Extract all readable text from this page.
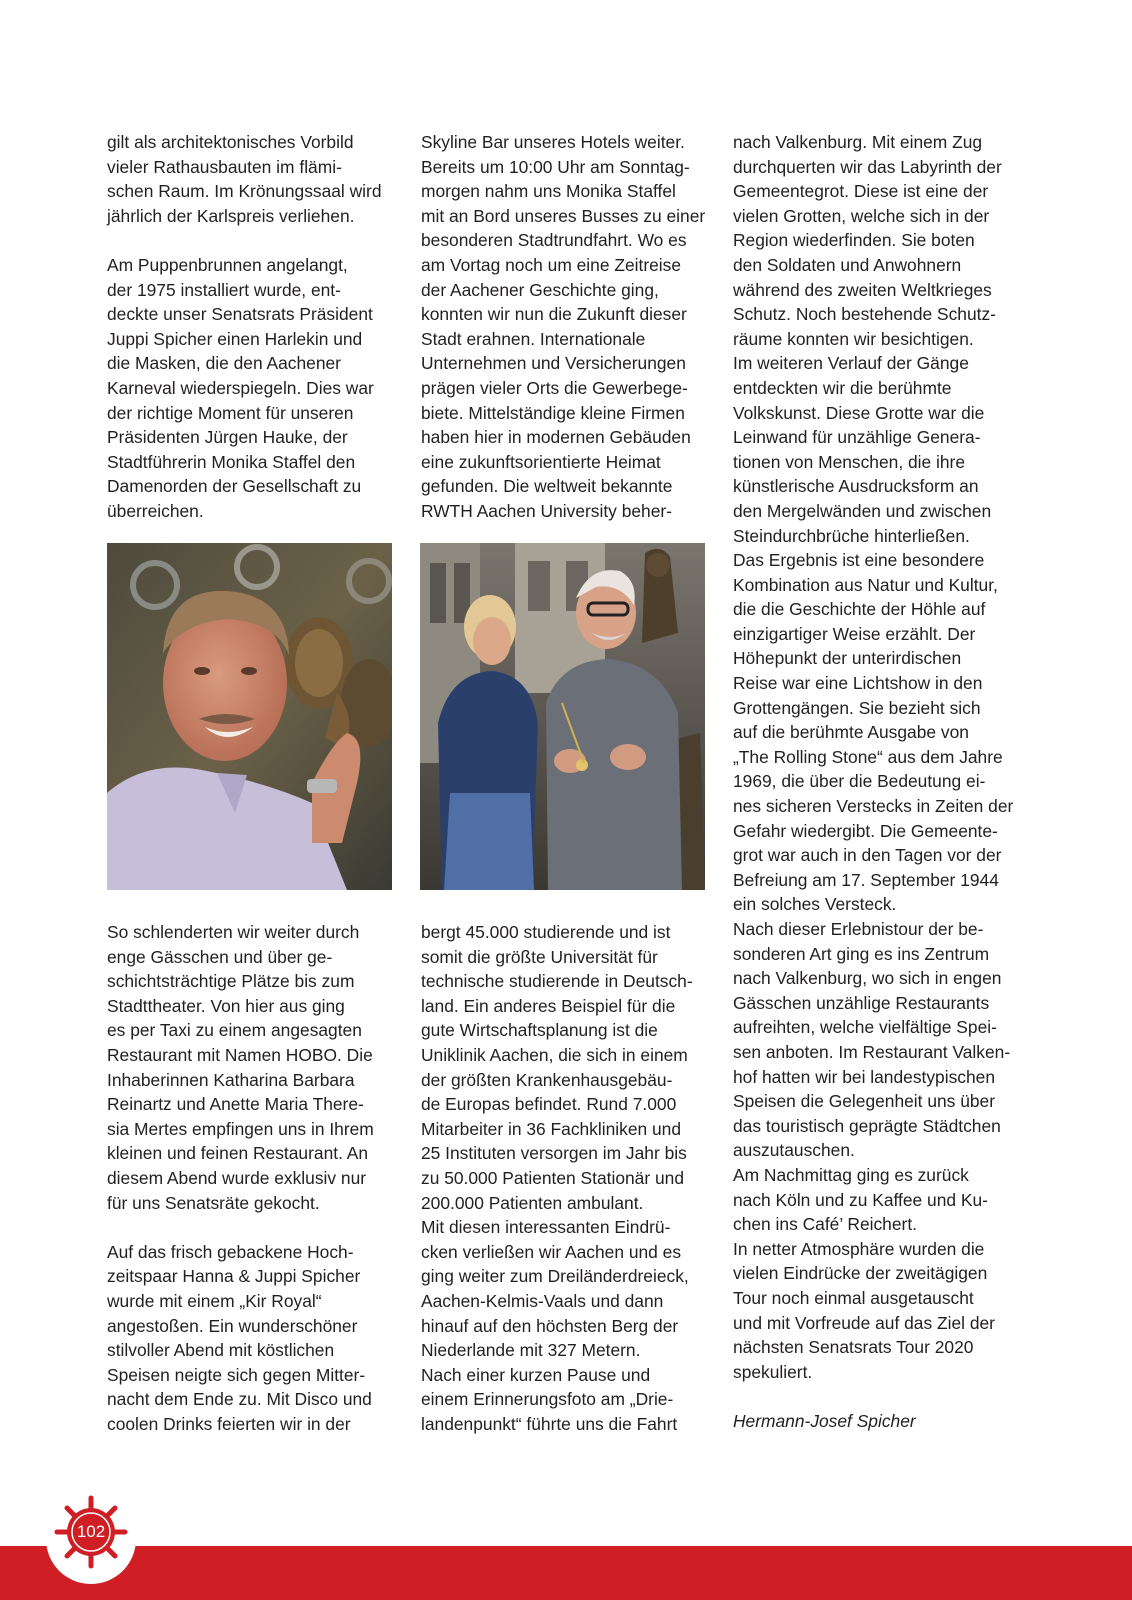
gilt als architektonisches Vorbild
vieler Rathausbauten im flämi-
schen Raum. Im Krönungssaal wird
jährlich der Karlspreis verliehen.

Am Puppenbrunnen angelangt,
der 1975 installiert wurde, ent-
deckte unser Senatsrats Präsident
Juppi Spicher einen Harlekin und
die Masken, die den Aachener
Karneval wiederspiegeln. Dies war
der richtige Moment für unseren
Präsidenten Jürgen Hauke, der
Stadtführerin Monika Staffel den
Damenorden der Gesellschaft zu
überreichen.

Skyline Bar unseres Hotels weiter.
Bereits um 10:00 Uhr am Sonntag-
morgen nahm uns Monika Staffel
mit an Bord unseres Busses zu einer
besonderen Stadtrundfahrt. Wo es
am Vortag noch um eine Zeitreise
der Aachener Geschichte ging,
konnten wir nun die Zukunft dieser
Stadt erahnen. Internationale
Unternehmen und Versicherungen
prägen vieler Orts die Gewerbege-
biete. Mittelständige kleine Firmen
haben hier in modernen Gebäuden
eine zukunftsorientierte Heimat
gefunden. Die weltweit bekannte
RWTH Aachen University beher-

nach Valkenburg. Mit einem Zug
durchquerten wir das Labyrinth der
Gemeentegrot. Diese ist eine der
vielen Grotten, welche sich in der
Region wiederfinden. Sie boten
den Soldaten und Anwohnern
während des zweiten Weltkrieges
Schutz. Noch bestehende Schutz-
räume konnten wir besichtigen.
Im weiteren Verlauf der Gänge
entdeckten wir die berühmte
Volkskunst. Diese Grotte war die
Leinwand für unzählige Genera-
tionen von Menschen, die ihre
künstlerische Ausdrucksform an
den Mergelwänden und zwischen
Steindurchbrüche hinterließen.
Das Ergebnis ist eine besondere
Kombination aus Natur und Kultur,
die die Geschichte der Höhle auf
einzigartiger Weise erzählt. Der
Höhepunkt der unterirdischen
Reise war eine Lichtshow in den
Grottengängen. Sie bezieht sich
auf die berühmte Ausgabe von
„The Rolling Stone“ aus dem Jahre
1969, die über die Bedeutung ei-
nes sicheren Verstecks in Zeiten der
Gefahr wiedergibt. Die Gemeente-
grot war auch in den Tagen vor der
Befreiung am 17. September 1944
ein solches Versteck.
Nach dieser Erlebnistour der be-
sonderen Art ging es ins Zentrum
nach Valkenburg, wo sich in engen
Gässchen unzählige Restaurants
aufreihten, welche vielfältige Spei-
sen anboten. Im Restaurant Valken-
hof hatten wir bei landestypischen
Speisen die Gelegenheit uns über
das touristisch geprägte Städtchen
auszutauschen.
Am Nachmittag ging es zurück
nach Köln und zu Kaffee und Ku-
chen ins Café’ Reichert.
In netter Atmosphäre wurden die
vielen Eindrücke der zweitägigen
Tour noch einmal ausgetauscht
und mit Vorfreude auf das Ziel der
nächsten Senatsrats Tour 2020
spekuliert.

Hermann-Josef Spicher

So schlenderten wir weiter durch
enge Gässchen und über ge-
schichtsträchtige Plätze bis zum
Stadttheater. Von hier aus ging
es per Taxi zu einem angesagten
Restaurant mit Namen HOBO. Die
Inhaberinnen Katharina Barbara
Reinartz und Anette Maria There-
sia Mertes empfingen uns in Ihrem
kleinen und feinen Restaurant. An
diesem Abend wurde exklusiv nur
für uns Senatsräte gekocht.

Auf das frisch gebackene Hoch-
zeitspaar Hanna & Juppi Spicher
wurde mit einem „Kir Royal“
angestoßen. Ein wunderschöner
stilvoller Abend mit köstlichen
Speisen neigte sich gegen Mitter-
nacht dem Ende zu. Mit Disco und
coolen Drinks feierten wir in der

bergt 45.000 studierende und ist
somit die größte Universität für
technische studierende in Deutsch-
land. Ein anderes Beispiel für die
gute Wirtschaftsplanung ist die
Uniklinik Aachen, die sich in einem
der größten Krankenhausgebäu-
de Europas befindet. Rund 7.000
Mitarbeiter in 36 Fachkliniken und
25 Instituten versorgen im Jahr bis
zu 50.000 Patienten Stationär und
200.000 Patienten ambulant.
Mit diesen interessanten Eindrü-
cken verließen wir Aachen und es
ging weiter zum Dreiländerdreieck,
Aachen-Kelmis-Vaals und dann
hinauf auf den höchsten Berg der
Niederlande mit 327 Metern.
Nach einer kurzen Pause und
einem Erinnerungsfoto am „Drie-
landenpunkt“ führte uns die Fahrt

102
